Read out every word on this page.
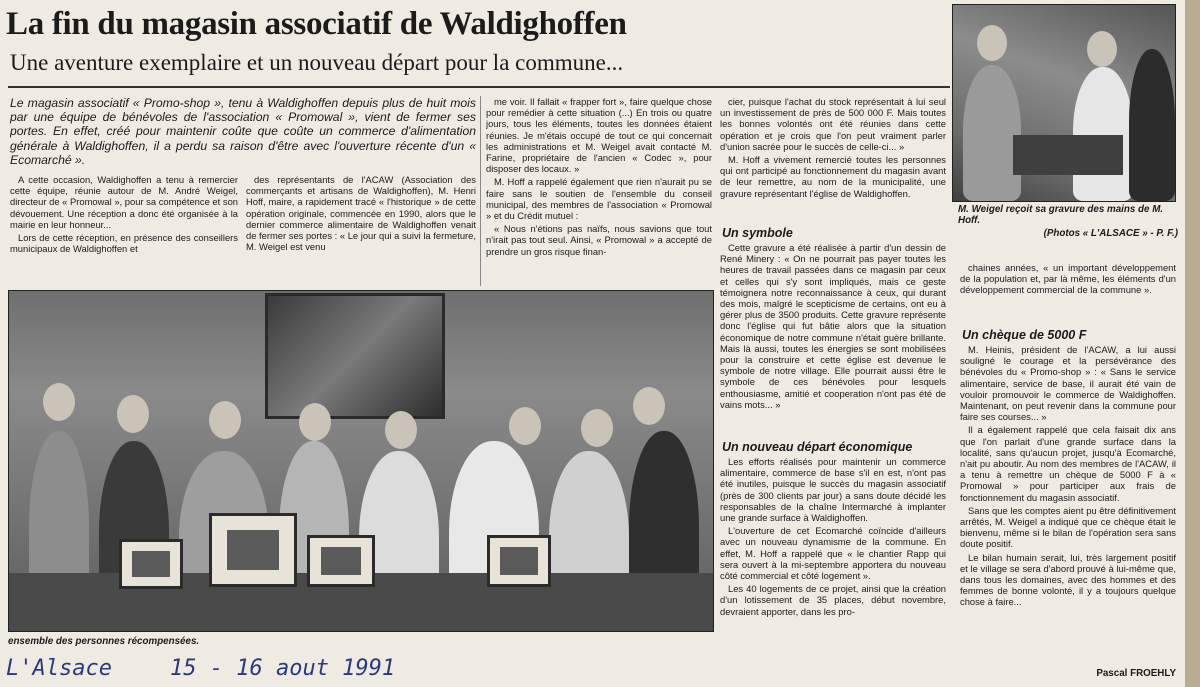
La fin du magasin associatif de Waldighoffen
Une aventure exemplaire et un nouveau départ pour la commune...

Le magasin associatif « Promo-shop », tenu à Waldighoffen depuis plus de huit mois par une équipe de bénévoles de l'association « Promowal », vient de fermer ses portes. En effet, créé pour maintenir coûte que coûte un commerce d'alimentation générale à Waldighoffen, il a perdu sa raison d'être avec l'ouverture récente d'un « Ecomarché ».

A cette occasion, Waldighoffen a tenu à remercier cette équipe, réunie autour de M. André Weigel, directeur de « Promowal », pour sa compétence et son dévouement. Une réception a donc été organisée à la mairie en leur honneur...

Lors de cette réception, en présence des conseillers municipaux de Waldighoffen et

des représentants de l'ACAW (Association des commerçants et artisans de Waldighoffen), M. Henri Hoff, maire, a rapidement tracé « l'historique » de cette opération originale, commencée en 1990, alors que le dernier commerce alimentaire de Waldighoffen venait de fermer ses portes : « Le jour qui a suivi la fermeture, M. Weigel est venu

me voir. Il fallait « frapper fort », faire quelque chose pour remédier à cette situation (...) En trois ou quatre jours, tous les éléments, toutes les données étaient réunies. Je m'étais occupé de tout ce qui concernait les administrations et M. Weigel avait contacté M. Farine, propriétaire de l'ancien « Codec », pour disposer des locaux. »

M. Hoff a rappelé également que rien n'aurait pu se faire sans le soutien de l'ensemble du conseil municipal, des membres de l'association « Promowal » et du Crédit mutuel :

« Nous n'étions pas naïfs, nous savions que tout n'irait pas tout seul. Ainsi, « Promowal » a accepté de prendre un gros risque finan-

cier, puisque l'achat du stock représentait à lui seul un investissement de près de 500 000 F. Mais toutes les bonnes volontés ont été réunies dans cette opération et je crois que l'on peut vraiment parler d'union sacrée pour le succès de celle-ci... »

M. Hoff a vivement remercié toutes les personnes qui ont participé au fonctionnement du magasin avant de leur remettre, au nom de la municipalité, une gravure représentant l'église de Waldighoffen.

Un symbole

Cette gravure a été réalisée à partir d'un dessin de René Minery : « On ne pourrait pas payer toutes les heures de travail passées dans ce magasin par ceux et celles qui s'y sont impliqués, mais ce geste témoignera notre reconnaissance à ceux, qui durant des mois, malgré le scepticisme de certains, ont eu à gérer plus de 3500 produits. Cette gravure représente donc l'église qui fut bâtie alors que la situation économique de notre commune n'était guère brillante. Mais là aussi, toutes les énergies se sont mobilisées pour la construire et cette église est devenue le symbole de notre village. Elle pourrait aussi être le symbole de ces bénévoles pour lesquels enthousiasme, amitié et cooperation n'ont pas été de vains mots... »

Un nouveau départ économique

Les efforts réalisés pour maintenir un commerce alimentaire, commerce de base s'il en est, n'ont pas été inutiles, puisque le succès du magasin associatif (près de 300 clients par jour) a sans doute décidé les responsables de la chaîne Intermarché à implanter une grande surface à Waldighoffen.

L'ouverture de cet Ecomarché coïncide d'ailleurs avec un nouveau dynamisme de la commune. En effet, M. Hoff a rappelé que « le chantier Rapp qui sera ouvert à la mi-septembre apportera du nouveau côté commercial et côté logement ».

Les 40 logements de ce projet, ainsi que la création d'un lotissement de 35 places, début novembre, devraient apporter, dans les pro-

M. Weigel reçoit sa gravure des mains de M. Hoff.
(Photos « L'ALSACE » - P. F.)

chaines années, « un important développement de la population et, par là même, les éléments d'un développement commercial de la commune ».

Un chèque de 5000 F

M. Heinis, président de l'ACAW, a lui aussi souligné le courage et la persévérance des bénévoles du « Promo-shop » : « Sans le service alimentaire, service de base, il aurait été vain de vouloir promouvoir le commerce de Waldighoffen. Maintenant, on peut revenir dans la commune pour faire ses courses... »

Il a également rappelé que cela faisait dix ans que l'on parlait d'une grande surface dans la localité, sans qu'aucun projet, jusqu'à Ecomarché, n'ait pu aboutir. Au nom des membres de l'ACAW, il a tenu à remettre un chèque de 5000 F à « Promowal » pour participer aux frais de fonctionnement du magasin associatif.

Sans que les comptes aient pu être définitivement arrêtés, M. Weigel a indiqué que ce chèque était le bienvenu, même si le bilan de l'opération sera sans doute positif.

Le bilan humain serait, lui, très largement positif et le village se sera d'abord prouvé à lui-même que, dans tous les domaines, avec des hommes et des femmes de bonne volonté, il y a toujours quelque chose à faire...

Pascal FROEHLY
ensemble des personnes récompensées.
L'Alsace	15 - 16 aout 1991
